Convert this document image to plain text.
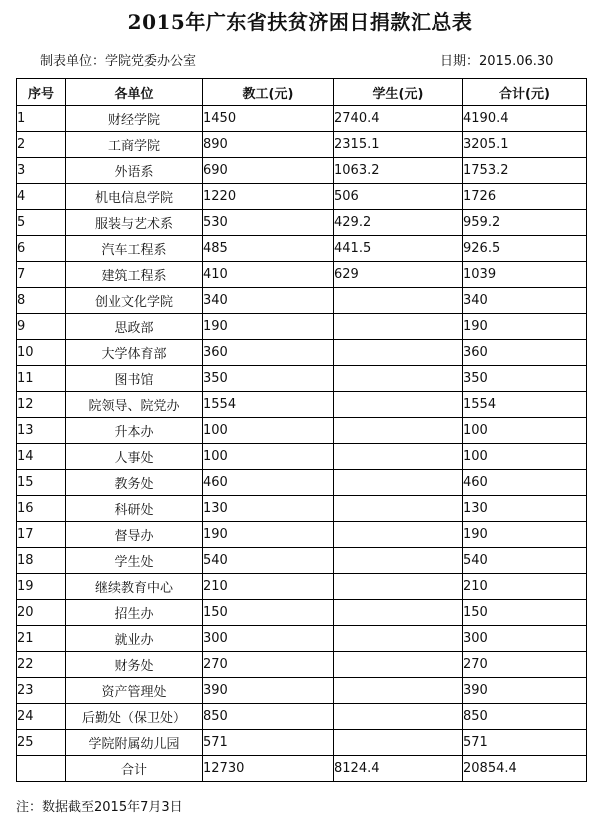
2015年广东省扶贫济困日捐款汇总表
制表单位：学院党委办公室	日期：2015.06.30
序号	各单位	教工(元)	学生(元)	合计(元)
1	财经学院	1450	2740.4	4190.4
2	工商学院	890	2315.1	3205.1
3	外语系	690	1063.2	1753.2
4	机电信息学院	1220	506	1726
5	服装与艺术系	530	429.2	959.2
6	汽车工程系	485	441.5	926.5
7	建筑工程系	410	629	1039
8	创业文化学院	340		340
9	思政部	190		190
10	大学体育部	360		360
11	图书馆	350		350
12	院领导、院党办	1554		1554
13	升本办	100		100
14	人事处	100		100
15	教务处	460		460
16	科研处	130		130
17	督导办	190		190
18	学生处	540		540
19	继续教育中心	210		210
20	招生办	150		150
21	就业办	300		300
22	财务处	270		270
23	资产管理处	390		390
24	后勤处（保卫处）	850		850
25	学院附属幼儿园	571		571
	合计	12730	8124.4	20854.4
注：数据截至2015年7月3日
